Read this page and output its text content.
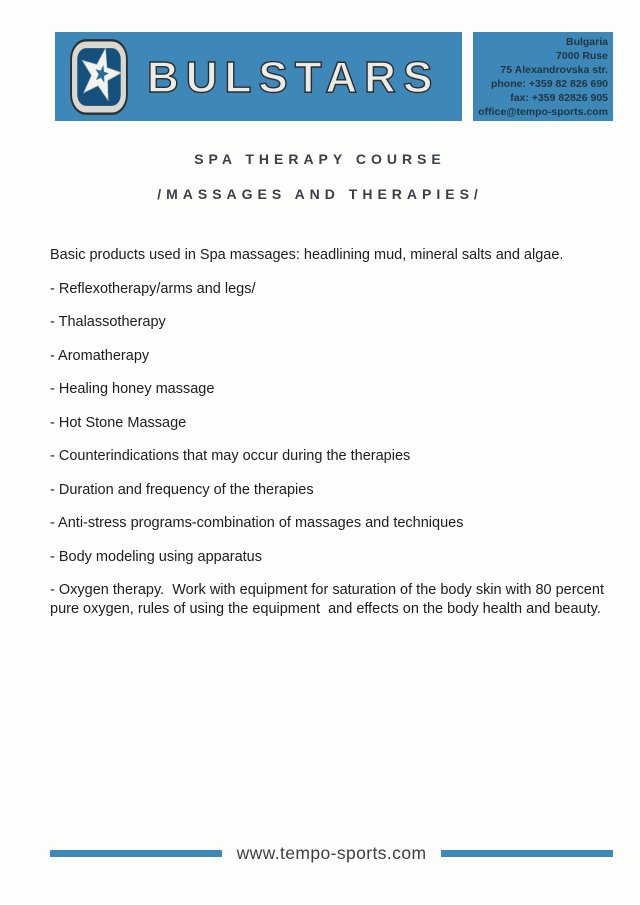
BULSTARS
Bulgaria
7000 Ruse
75 Alexandrovska str.
phone: +359 82 826 690
fax: +359 82826 905
office@tempo-sports.com
SPA THERAPY COURSE
/MASSAGES AND THERAPIES/

Basic products used in Spa massages: headlining mud, mineral salts and algae.

- Reflexotherapy/arms and legs/

- Thalassotherapy

- Aromatherapy

- Healing honey massage

- Hot Stone Massage

- Counterindications that may occur during the therapies

- Duration and frequency of the therapies

- Anti-stress programs-combination of massages and techniques

- Body modeling using apparatus

- Oxygen therapy.  Work with equipment for saturation of the body skin with 80 percent pure oxygen, rules of using the equipment  and effects on the body health and beauty.

www.tempo-sports.com
